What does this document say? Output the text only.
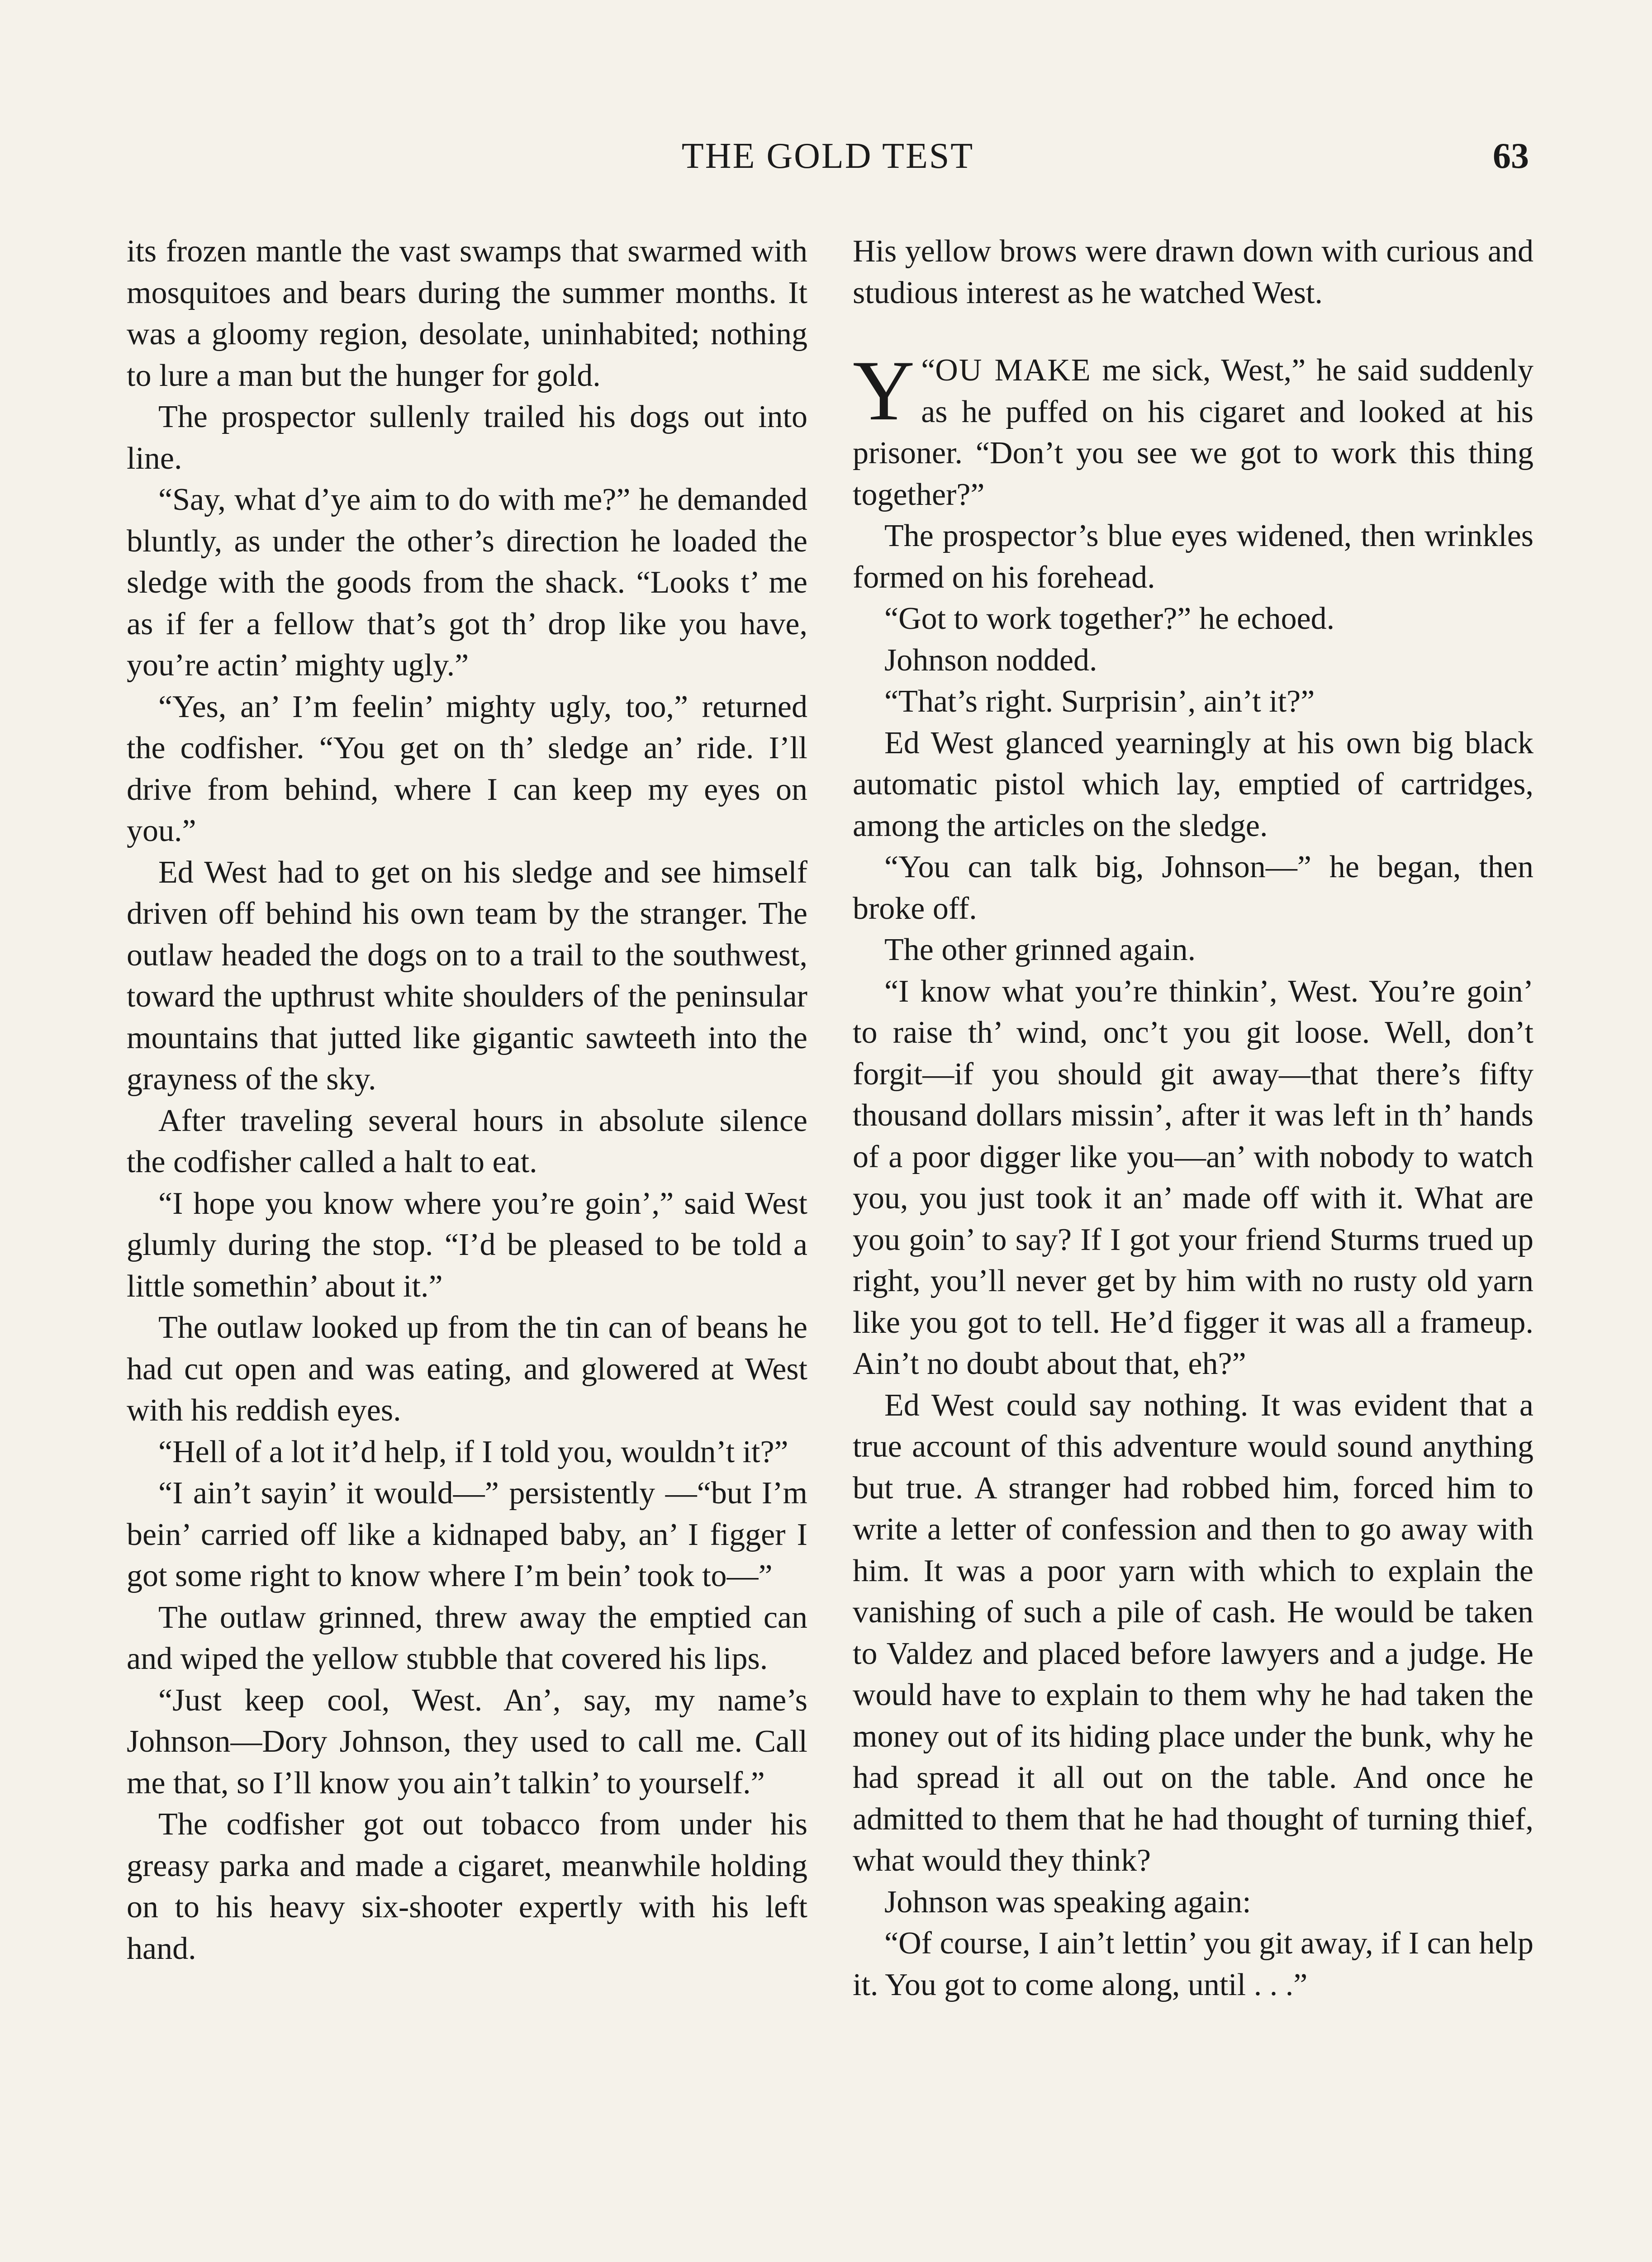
THE GOLD TEST	63

its frozen mantle the vast swamps that swarmed with mosquitoes and bears during the summer months. It was a gloomy region, desolate, uninhabited; nothing to lure a man but the hunger for gold.

The prospector sullenly trailed his dogs out into line.

“Say, what d’ye aim to do with me?” he demanded bluntly, as under the other’s direction he loaded the sledge with the goods from the shack. “Looks t’ me as if fer a fellow that’s got th’ drop like you have, you’re actin’ mighty ugly.”

“Yes, an’ I’m feelin’ mighty ugly, too,” returned the codfisher. “You get on th’ sledge an’ ride. I’ll drive from behind, where I can keep my eyes on you.”

Ed West had to get on his sledge and see himself driven off behind his own team by the stranger. The outlaw headed the dogs on to a trail to the southwest, toward the upthrust white shoulders of the peninsular mountains that jutted like gigantic sawteeth into the grayness of the sky.

After traveling several hours in absolute silence the codfisher called a halt to eat.

“I hope you know where you’re goin’,” said West glumly during the stop. “I’d be pleased to be told a little somethin’ about it.”

The outlaw looked up from the tin can of beans he had cut open and was eating, and glowered at West with his reddish eyes.

“Hell of a lot it’d help, if I told you, wouldn’t it?”

“I ain’t sayin’ it would—” persistently —“but I’m bein’ carried off like a kidnaped baby, an’ I figger I got some right to know where I’m bein’ took to—”

The outlaw grinned, threw away the emptied can and wiped the yellow stubble that covered his lips.

“Just keep cool, West. An’, say, my name’s Johnson—Dory Johnson, they used to call me. Call me that, so I’ll know you ain’t talkin’ to yourself.”

The codfisher got out tobacco from under his greasy parka and made a cigaret, meanwhile holding on to his heavy six-shooter expertly with his left hand.

His yellow brows were drawn down with curious and studious interest as he watched West.

“
Y OU MAKE me sick, West,” he said suddenly as he puffed on his cigaret and looked at his prisoner. “Don’t you see we got to work this thing together?”

The prospector’s blue eyes widened, then wrinkles formed on his forehead.

“Got to work together?” he echoed.

Johnson nodded.

“That’s right. Surprisin’, ain’t it?”

Ed West glanced yearningly at his own big black automatic pistol which lay, emptied of cartridges, among the articles on the sledge.

“You can talk big, Johnson—” he began, then broke off.

The other grinned again.

“I know what you’re thinkin’, West. You’re goin’ to raise th’ wind, onc’t you git loose. Well, don’t forgit—if you should git away—that there’s fifty thousand dollars missin’, after it was left in th’ hands of a poor digger like you—an’ with nobody to watch you, you just took it an’ made off with it. What are you goin’ to say? If I got your friend Sturms trued up right, you’ll never get by him with no rusty old yarn like you got to tell. He’d figger it was all a frameup. Ain’t no doubt about that, eh?”

Ed West could say nothing. It was evident that a true account of this adventure would sound anything but true. A stranger had robbed him, forced him to write a letter of confession and then to go away with him. It was a poor yarn with which to explain the vanishing of such a pile of cash. He would be taken to Valdez and placed before lawyers and a judge. He would have to explain to them why he had taken the money out of its hiding place under the bunk, why he had spread it all out on the table. And once he admitted to them that he had thought of turning thief, what would they think?

Johnson was speaking again:

“Of course, I ain’t lettin’ you git away, if I can help it. You got to come along, until . . .”
